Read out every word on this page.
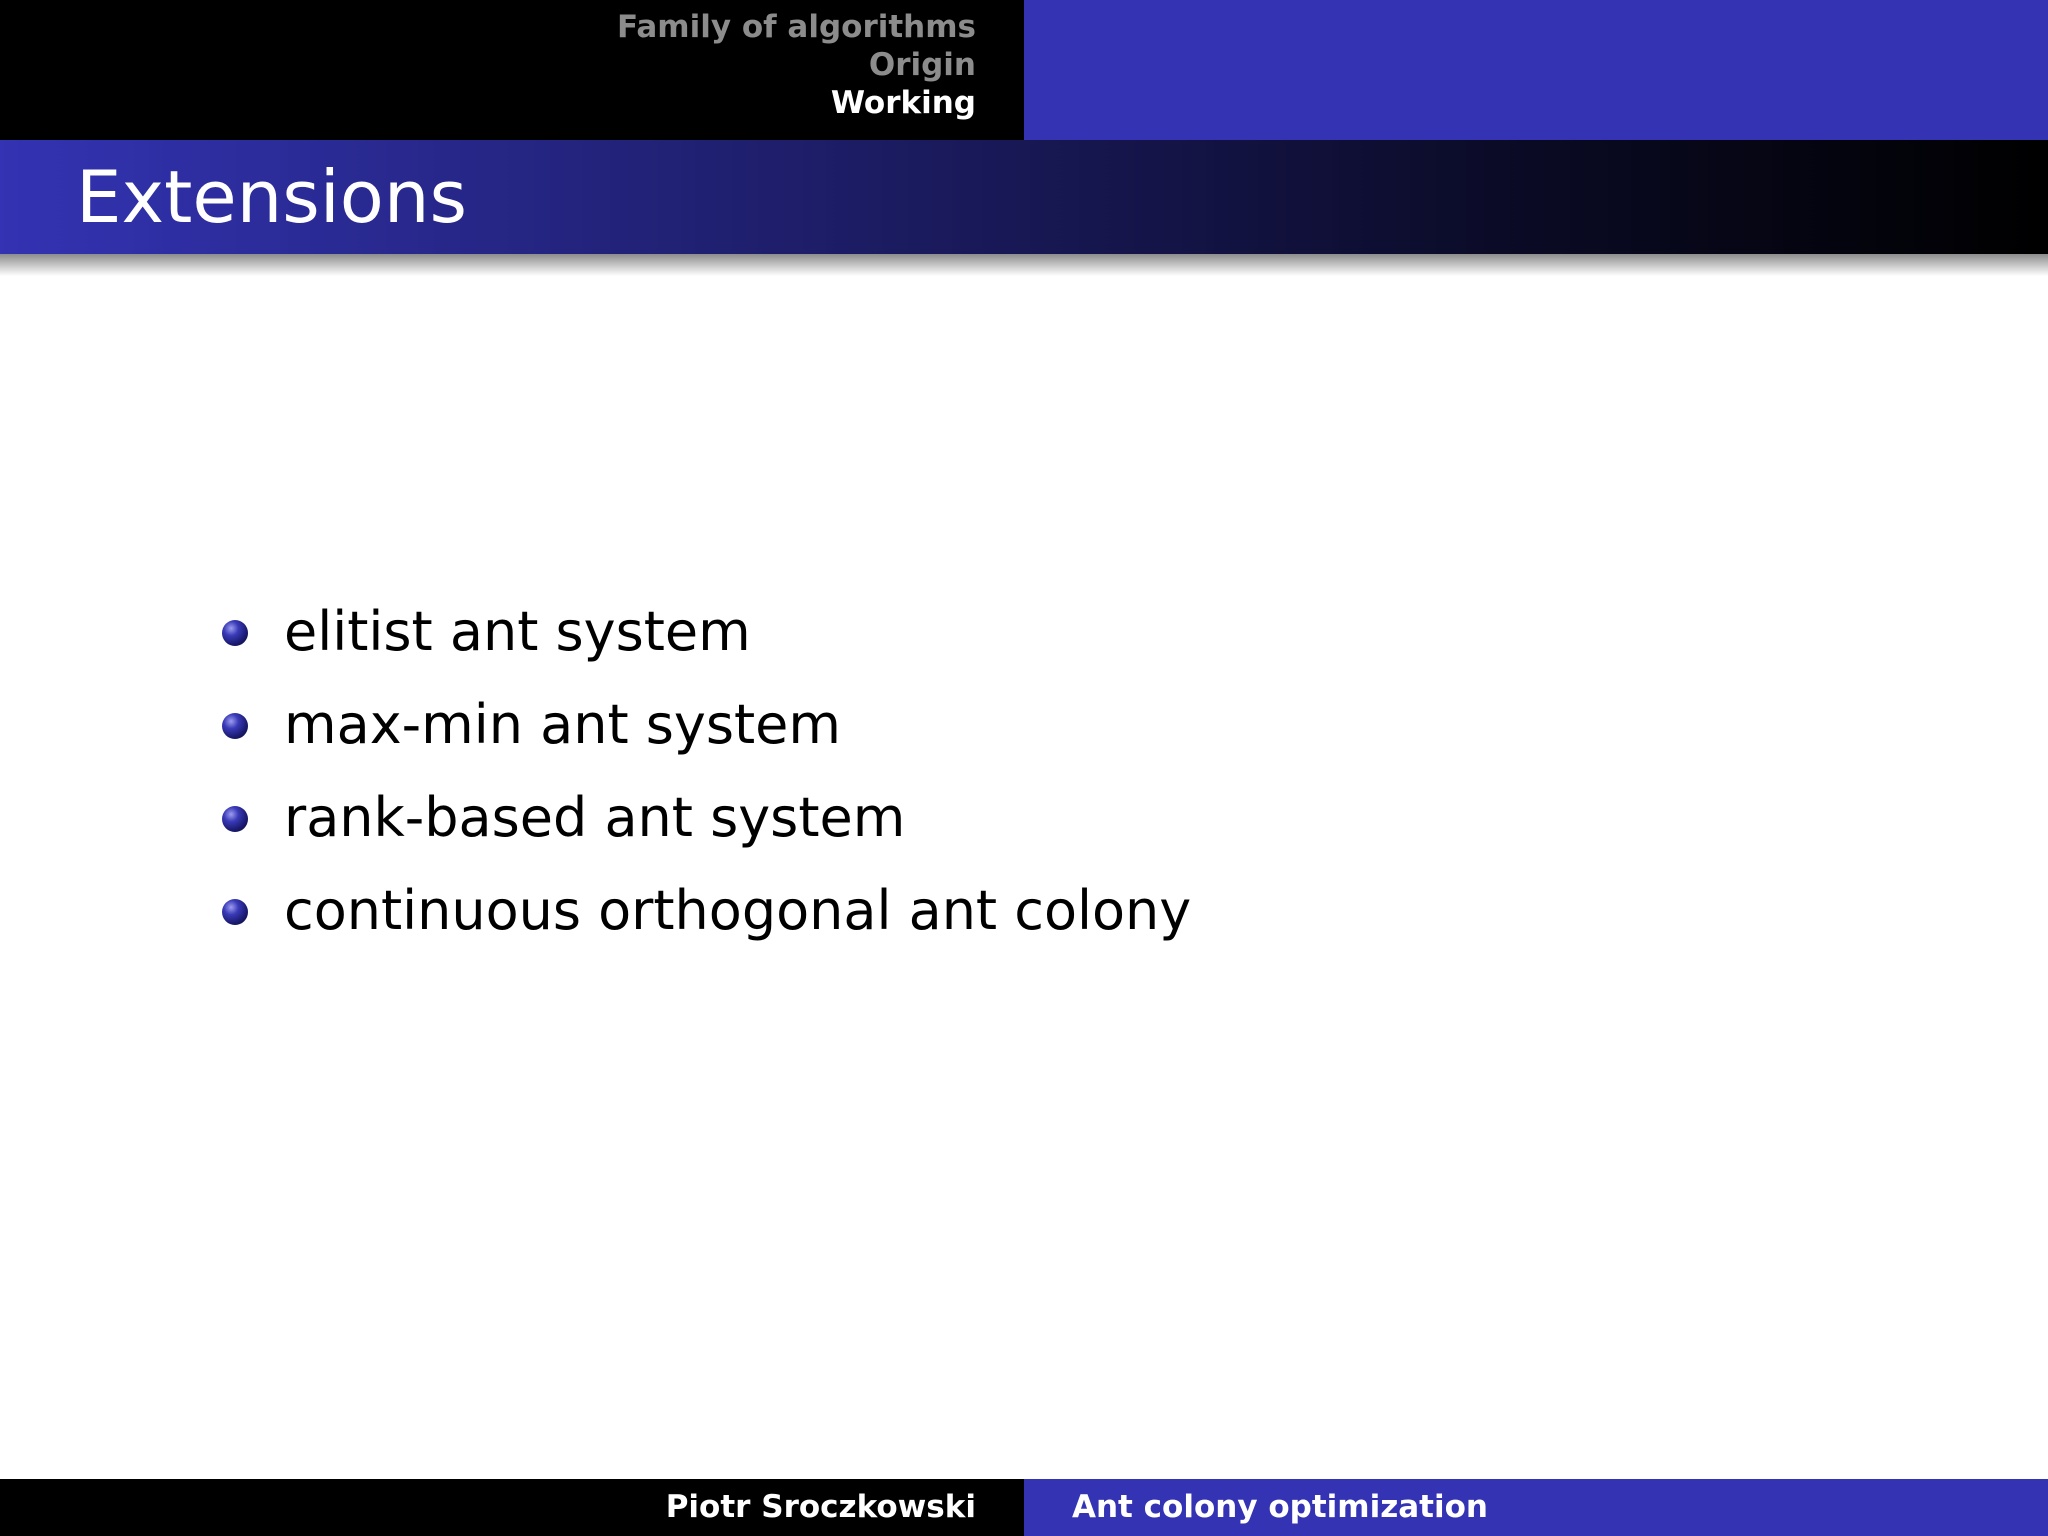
Family of algorithms
Origin
Working
Extensions
elitist ant system
max-min ant system
rank-based ant system
continuous orthogonal ant colony
Piotr Sroczkowski	Ant colony optimization
